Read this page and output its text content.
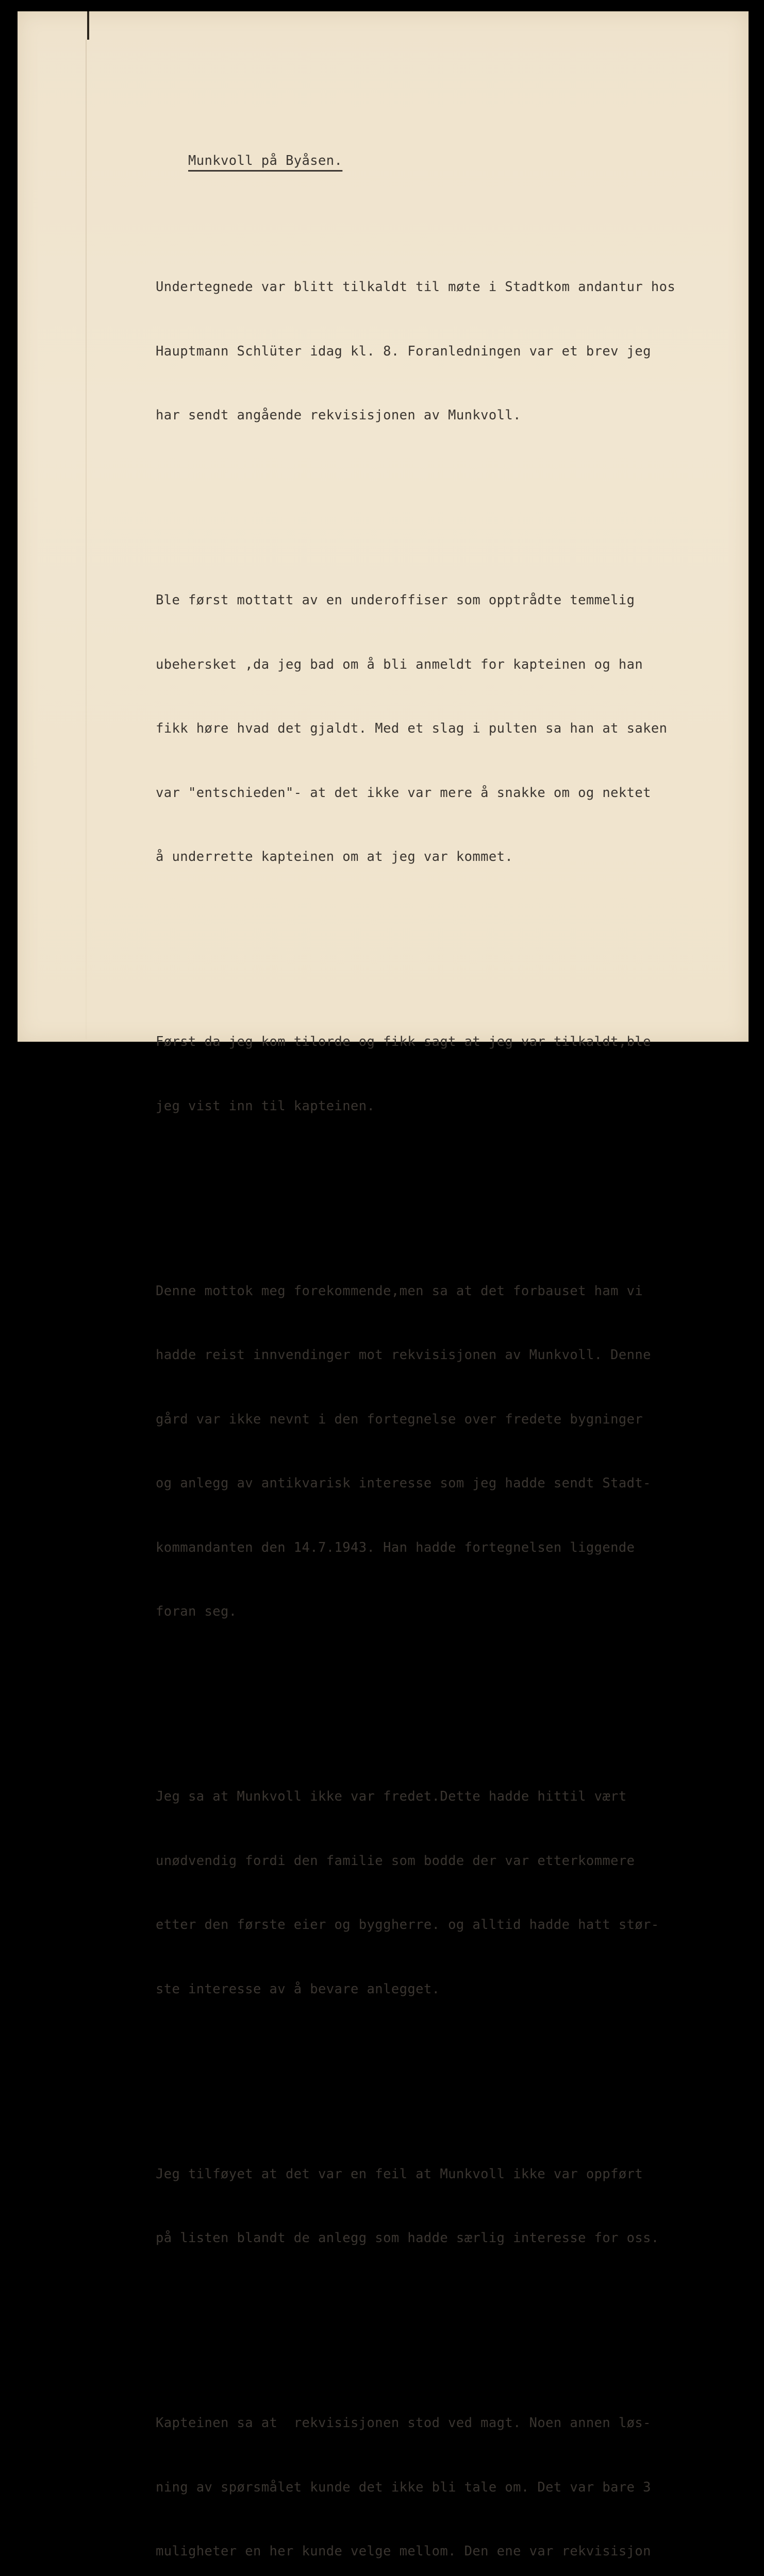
Munkvoll på Byåsen.

Undertegnede var blitt tilkaldt til møte i Stadtkom andantur hos

Hauptmann Schlüter idag kl. 8. Foranledningen var et brev jeg

har sendt angående rekvisisjonen av Munkvoll.

Ble først mottatt av en underoffiser som opptrådte temmelig

ubehersket ,da jeg bad om å bli anmeldt for kapteinen og han

fikk høre hvad det gjaldt. Med et slag i pulten sa han at saken

var "entschieden"- at det ikke var mere å snakke om og nektet

å underrette kapteinen om at jeg var kommet.

Først da jeg kom tilorde og fikk sagt at jeg var tilkaldt,ble

jeg vist inn til kapteinen.

Denne mottok meg forekommende,men sa at det forbauset ham vi

hadde reist innvendinger mot rekvisisjonen av Munkvoll. Denne

gård var ikke nevnt i den fortegnelse over fredete bygninger

og anlegg av antikvarisk interesse som jeg hadde sendt Stadt-

kommandanten den 14.7.1943. Han hadde fortegnelsen liggende

foran seg.

Jeg sa at Munkvoll ikke var fredet.Dette hadde hittil vært

unødvendig fordi den familie som bodde der var etterkommere

etter den første eier og byggherre. og alltid hadde hatt stør-

ste interesse av å bevare anlegget.

Jeg tilføyet at det var en feil at Munkvoll ikke var oppført

på listen blandt de anlegg som hadde særlig interesse for oss.

Kapteinen sa at  rekvisisjonen stod ved magt. Noen annen løs-

ning av spørsmålet kunde det ikke bli tale om. Det var bare 3

muligheter en her kunde velge mellom. Den ene var rekvisisjon
